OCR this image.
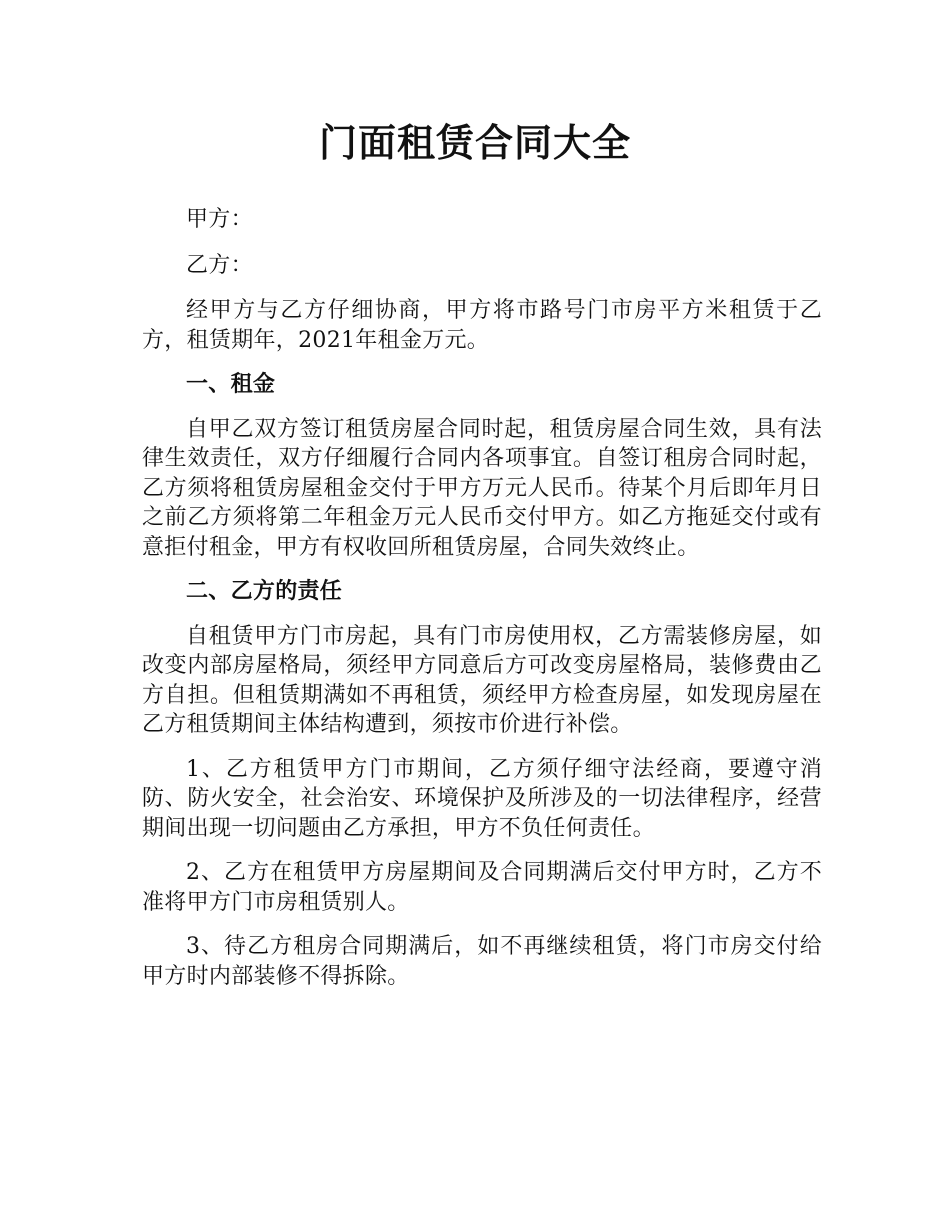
门面租赁合同大全

甲方：

乙方：

经甲方与乙方仔细协商，甲方将市路号门市房平方米租赁于乙方，租赁期年，2021年租金万元。

一、租金

自甲乙双方签订租赁房屋合同时起，租赁房屋合同生效，具有法律生效责任，双方仔细履行合同内各项事宜。自签订租房合同时起，乙方须将租赁房屋租金交付于甲方万元人民币。待某个月后即年月日之前乙方须将第二年租金万元人民币交付甲方。如乙方拖延交付或有意拒付租金，甲方有权收回所租赁房屋，合同失效终止。

二、乙方的责任

自租赁甲方门市房起，具有门市房使用权，乙方需装修房屋，如改变内部房屋格局，须经甲方同意后方可改变房屋格局，装修费由乙方自担。但租赁期满如不再租赁，须经甲方检查房屋，如发现房屋在乙方租赁期间主体结构遭到，须按市价进行补偿。

1、乙方租赁甲方门市期间，乙方须仔细守法经商，要遵守消防、防火安全，社会治安、环境保护及所涉及的一切法律程序，经营期间出现一切问题由乙方承担，甲方不负任何责任。

2、乙方在租赁甲方房屋期间及合同期满后交付甲方时，乙方不准将甲方门市房租赁别人。

3、待乙方租房合同期满后，如不再继续租赁，将门市房交付给甲方时内部装修不得拆除。
